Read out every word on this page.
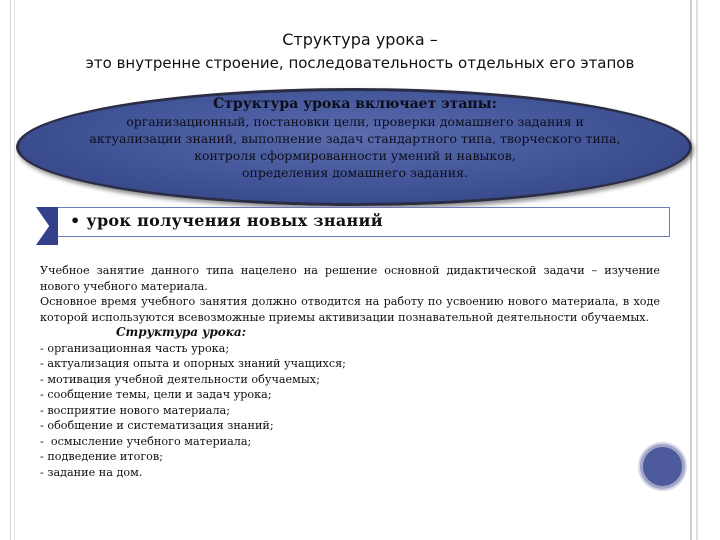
Структура урока –
это внутренне строение, последовательность отдельных его этапов
Структура урока включает этапы:
организационный, постановки цели, проверки домашнего задания и
актуализации знаний, выполнение задач стандартного типа, творческого типа,
контроля сформированности умений и навыков,
определения домашнего задания.
• урок получения новых знаний

Учебное занятие данного типа нацелено на решение основной дидактической задачи – изучение нового учебного материала.

Основное время учебного занятия должно отводится на работу по усвоению нового материала, в ходе которой используются всевозможные приемы активизации познавательной деятельности обучаемых.

Структура урока:

- организационная часть урока;
- актуализация опыта и опорных знаний учащихся;
- мотивация учебной деятельности обучаемых;
- сообщение темы, цели и задач урока;
- восприятие нового материала;
- обобщение и систематизация знаний;
-  осмысление учебного материала;
- подведение итогов;
- задание на дом.
